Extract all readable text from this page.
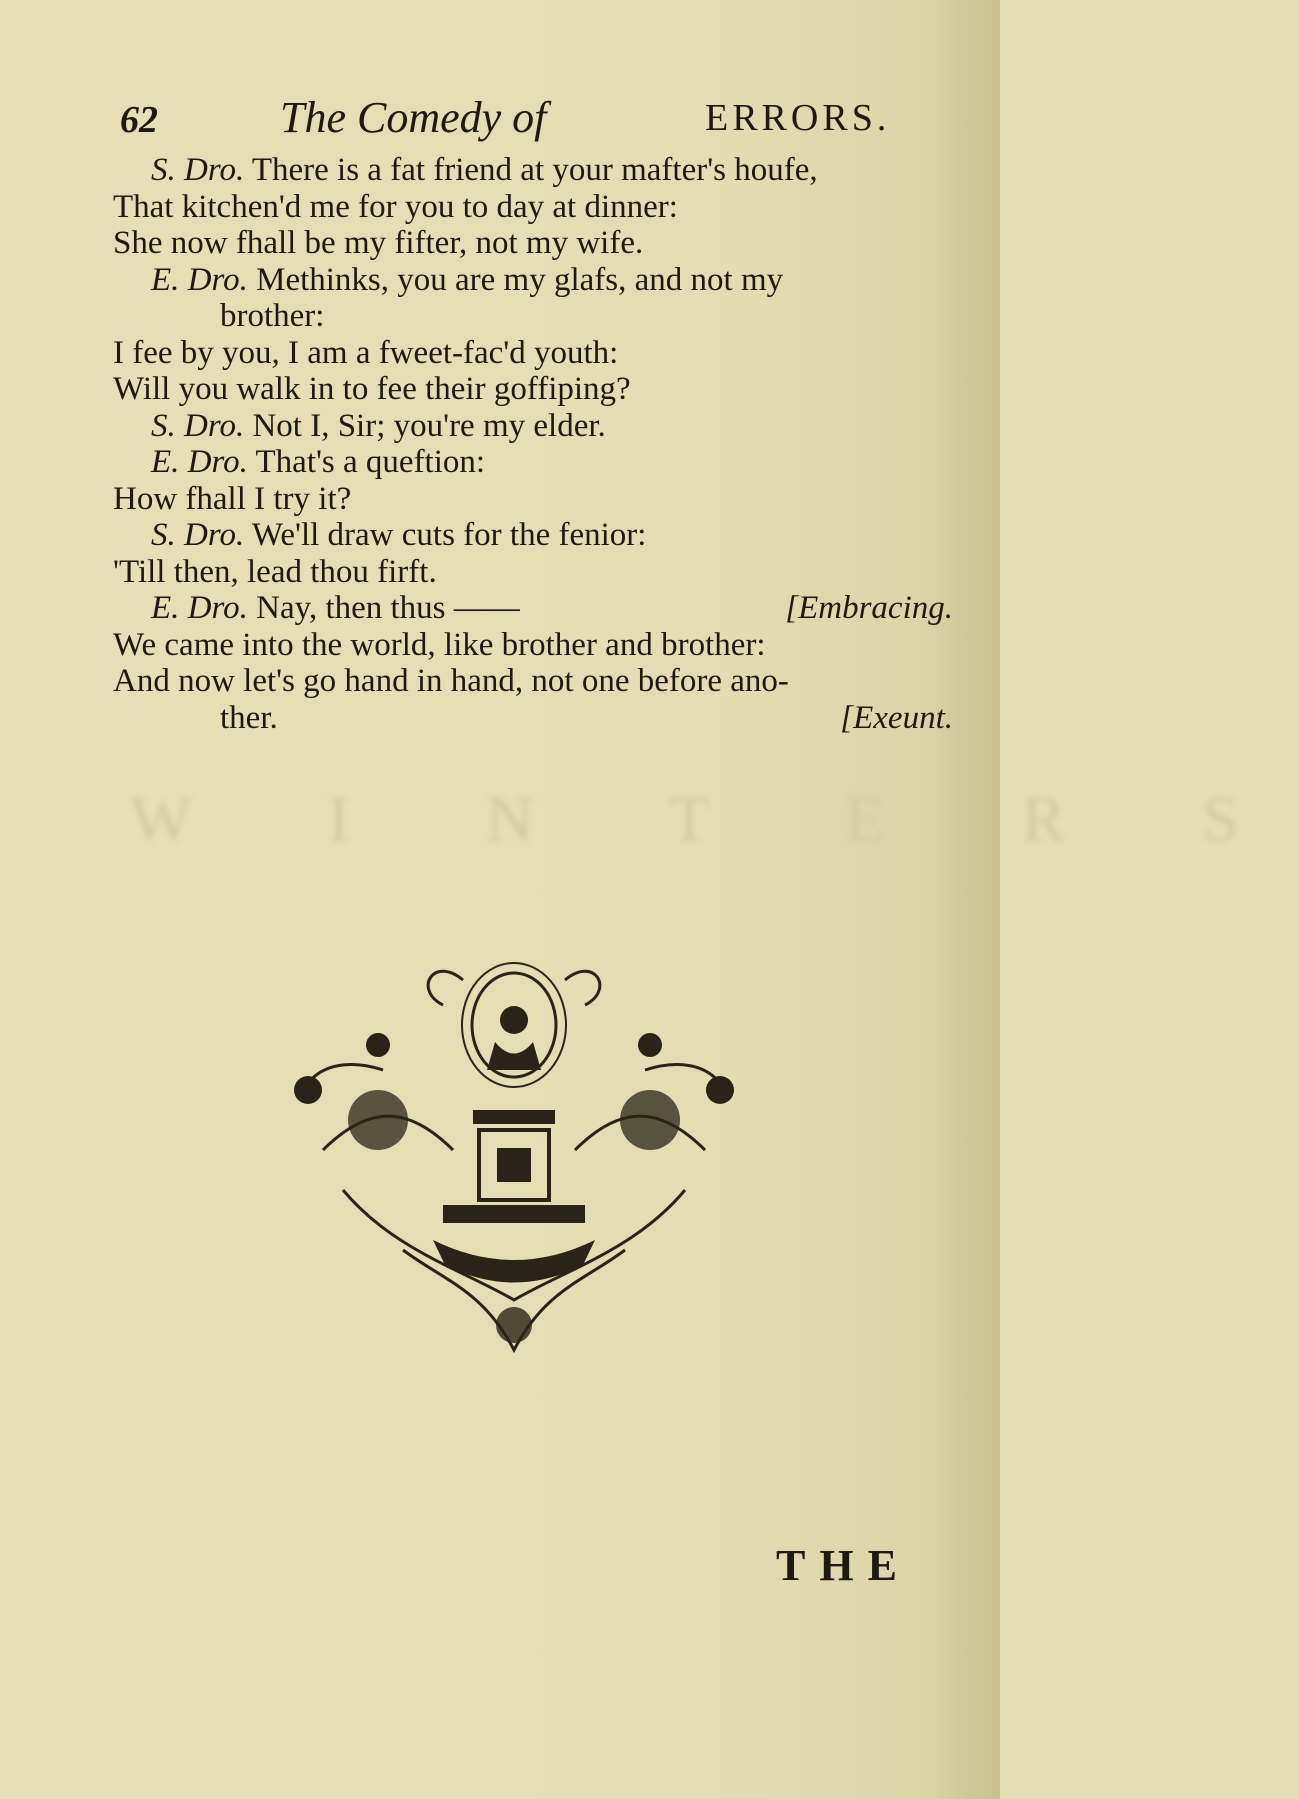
W I N T E R S
62	The Comedy of	ERRORS.
S. Dro. There is a fat friend at your mafter's houfe,
That kitchen'd me for you to day at dinner:
She now fhall be my fifter, not my wife.
E. Dro. Methinks, you are my glafs, and not my
brother:
I fee by you, I am a fweet-fac'd youth:
Will you walk in to fee their goffiping?
S. Dro. Not I, Sir; you're my elder.
E. Dro. That's a queftion:
How fhall I try it?
S. Dro. We'll draw cuts for the fenior:
'Till then, lead thou firft.
E. Dro. Nay, then thus ——	[Embracing.
We came into the world, like brother and brother:
And now let's go hand in hand, not one before ano-
ther.	[Exeunt.
THE
